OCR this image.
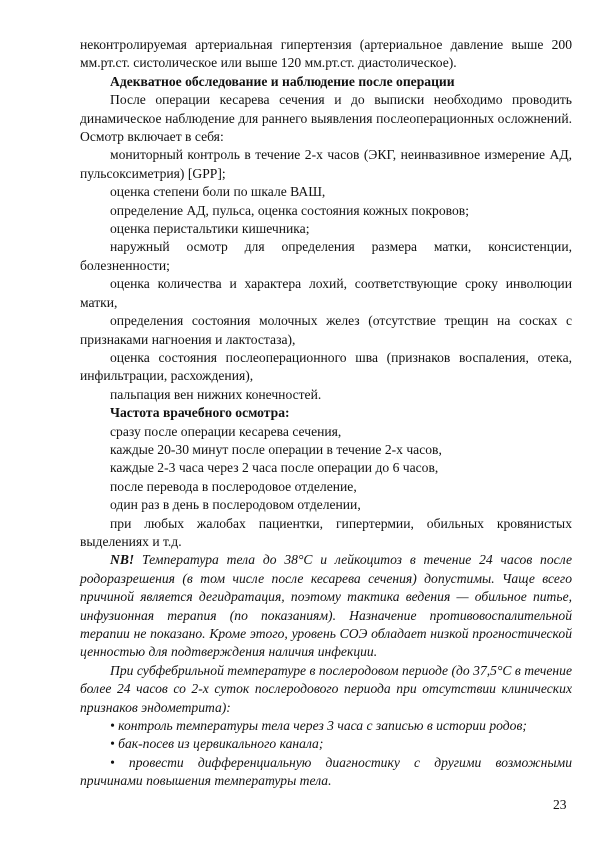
неконтролируемая артериальная гипертензия (артериальное давление выше 200 мм.рт.ст. систолическое или выше 120 мм.рт.ст. диастолическое).

Адекватное обследование и наблюдение после операции

После операции кесарева сечения и до выписки необходимо проводить динамическое наблюдение для раннего выявления послеоперационных осложнений. Осмотр включает в себя:

мониторный контроль в течение 2-х часов (ЭКГ, неинвазивное измерение АД, пульсоксиметрия) [GPP];

оценка степени боли по шкале ВАШ,

определение АД, пульса, оценка состояния кожных покровов;

оценка перистальтики кишечника;

наружный осмотр для определения размера матки, консистенции, болезненности;

оценка количества и характера лохий, соответствующие сроку инволюции матки,

определения состояния молочных желез (отсутствие трещин на сосках с признаками нагноения и лактостаза),

оценка состояния послеоперационного шва (признаков воспаления, отека, инфильтрации, расхождения),

пальпация вен нижних конечностей.

Частота врачебного осмотра:

сразу после операции кесарева сечения,

каждые 20-30 минут после операции в течение 2-х часов,

каждые 2-3 часа через 2 часа после операции до 6 часов,

после перевода в послеродовое отделение,

один раз в день в послеродовом отделении,

при любых жалобах пациентки, гипертермии, обильных кровянистых выделениях и т.д.

NB! Температура тела до 38°С и лейкоцитоз в течение 24 часов после родоразрешения (в том числе после кесарева сечения) допустимы. Чаще всего причиной является дегидратация, поэтому тактика ведения — обильное питье, инфузионная терапия (по показаниям). Назначение противовоспалительной терапии не показано. Кроме этого, уровень СОЭ обладает низкой прогностической ценностью для подтверждения наличия инфекции.

При субфебрильной температуре в послеродовом периоде (до 37,5°С в течение более 24 часов со 2-х суток послеродового периода при отсутствии клинических признаков эндометрита):

• контроль температуры тела через 3 часа с записью в истории родов;

• бак-посев из цервикального канала;

• провести дифференциальную диагностику с другими возможными причинами повышения температуры тела.

23
